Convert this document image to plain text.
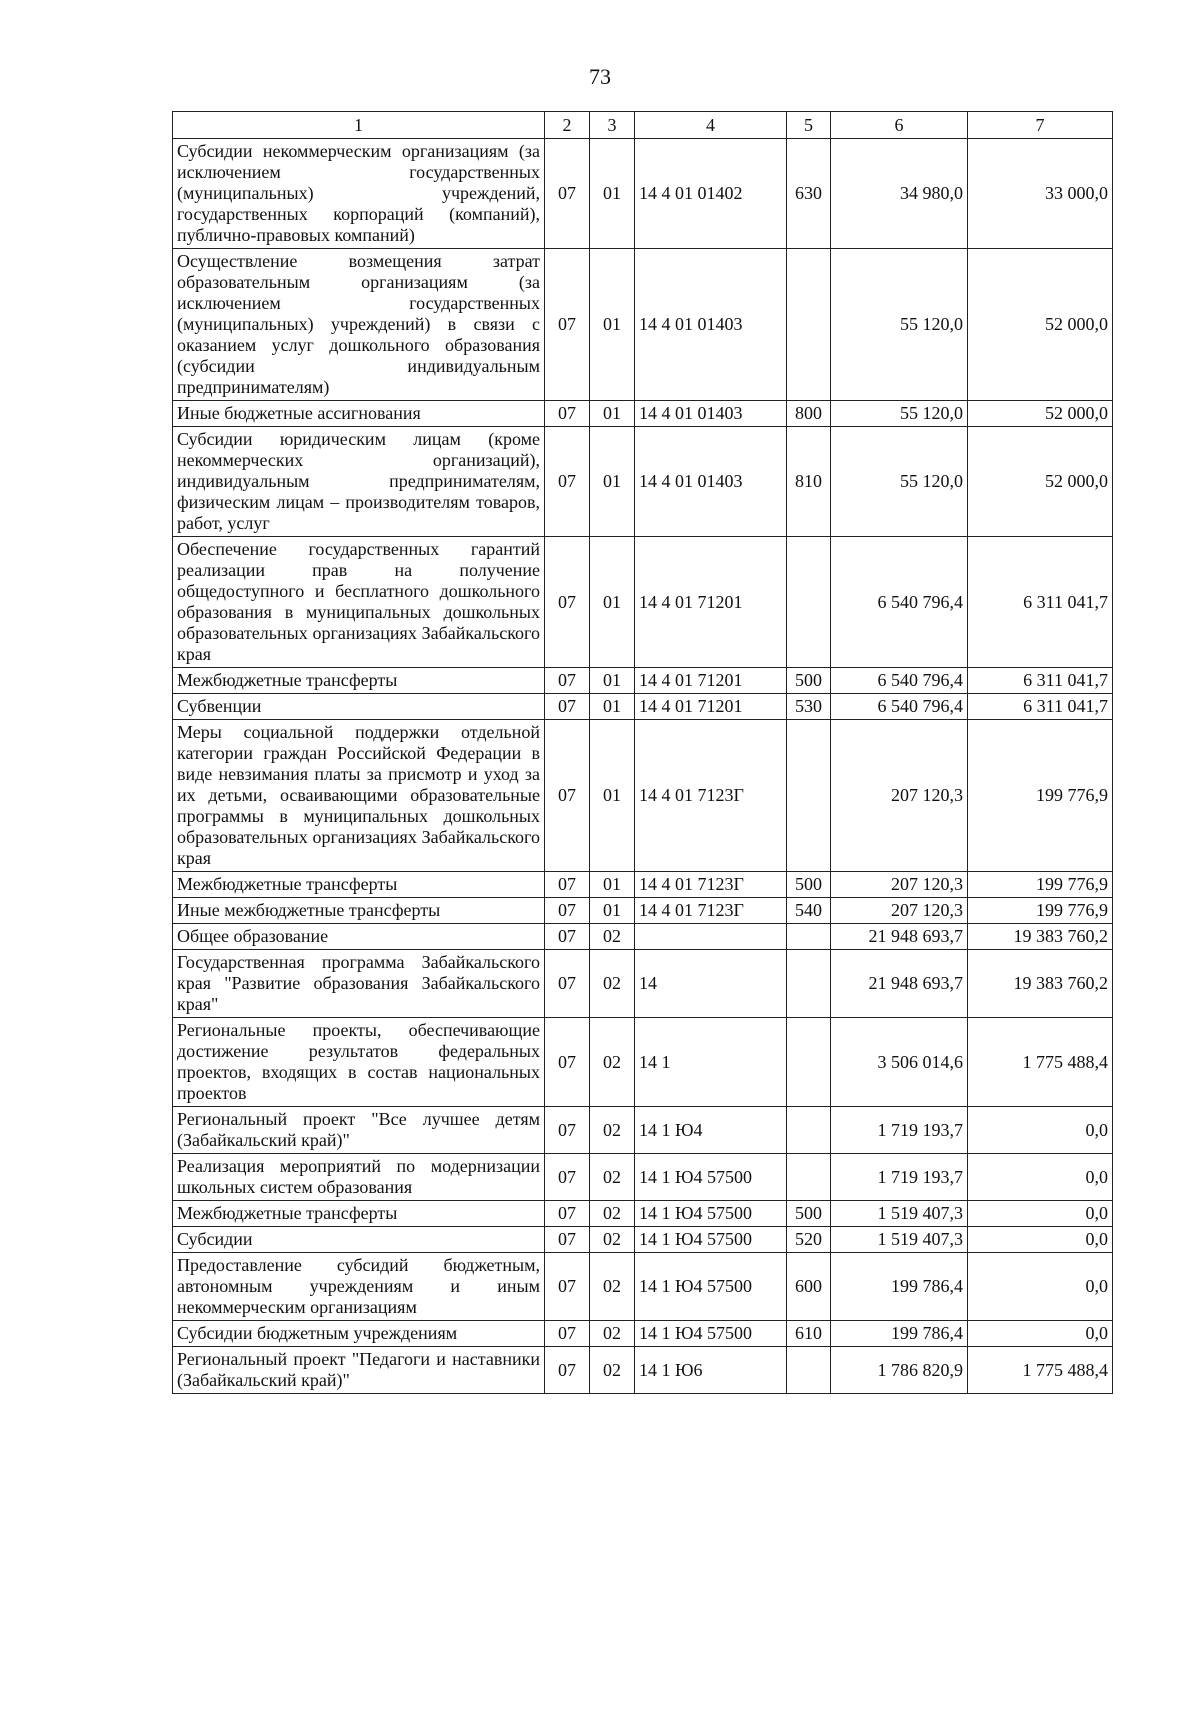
73
1	2	3	4	5	6	7
Субсидии некоммерческим организациям (за исключением государственных (муниципальных) учреждений, государственных корпораций (компаний), публично-правовых компаний)	07	01	14 4 01 01402	630	34 980,0	33 000,0
Осуществление возмещения затрат образовательным организациям (за исключением государственных (муниципальных) учреждений) в связи с оказанием услуг дошкольного образования (субсидии индивидуальным предпринимателям)	07	01	14 4 01 01403		55 120,0	52 000,0
Иные бюджетные ассигнования	07	01	14 4 01 01403	800	55 120,0	52 000,0
Субсидии юридическим лицам (кроме некоммерческих организаций), индивидуальным предпринимателям, физическим лицам – производителям товаров, работ, услуг	07	01	14 4 01 01403	810	55 120,0	52 000,0
Обеспечение государственных гарантий реализации прав на получение общедоступного и бесплатного дошкольного образования в муниципальных дошкольных образовательных организациях Забайкальского края	07	01	14 4 01 71201		6 540 796,4	6 311 041,7
Межбюджетные трансферты	07	01	14 4 01 71201	500	6 540 796,4	6 311 041,7
Субвенции	07	01	14 4 01 71201	530	6 540 796,4	6 311 041,7
Меры социальной поддержки отдельной категории граждан Российской Федерации в виде невзимания платы за присмотр и уход за их детьми, осваивающими образовательные программы в муниципальных дошкольных образовательных организациях Забайкальского края	07	01	14 4 01 7123Г		207 120,3	199 776,9
Межбюджетные трансферты	07	01	14 4 01 7123Г	500	207 120,3	199 776,9
Иные межбюджетные трансферты	07	01	14 4 01 7123Г	540	207 120,3	199 776,9
Общее образование	07	02			21 948 693,7	19 383 760,2
Государственная программа Забайкальского края "Развитие образования Забайкальского края"	07	02	14		21 948 693,7	19 383 760,2
Региональные проекты, обеспечивающие достижение результатов федеральных проектов, входящих в состав национальных проектов	07	02	14 1		3 506 014,6	1 775 488,4
Региональный проект "Все лучшее детям (Забайкальский край)"	07	02	14 1 Ю4		1 719 193,7	0,0
Реализация мероприятий по модернизации школьных систем образования	07	02	14 1 Ю4 57500		1 719 193,7	0,0
Межбюджетные трансферты	07	02	14 1 Ю4 57500	500	1 519 407,3	0,0
Субсидии	07	02	14 1 Ю4 57500	520	1 519 407,3	0,0
Предоставление субсидий бюджетным, автономным учреждениям и иным некоммерческим организациям	07	02	14 1 Ю4 57500	600	199 786,4	0,0
Субсидии бюджетным учреждениям	07	02	14 1 Ю4 57500	610	199 786,4	0,0
Региональный проект "Педагоги и наставники (Забайкальский край)"	07	02	14 1 Ю6		1 786 820,9	1 775 488,4
